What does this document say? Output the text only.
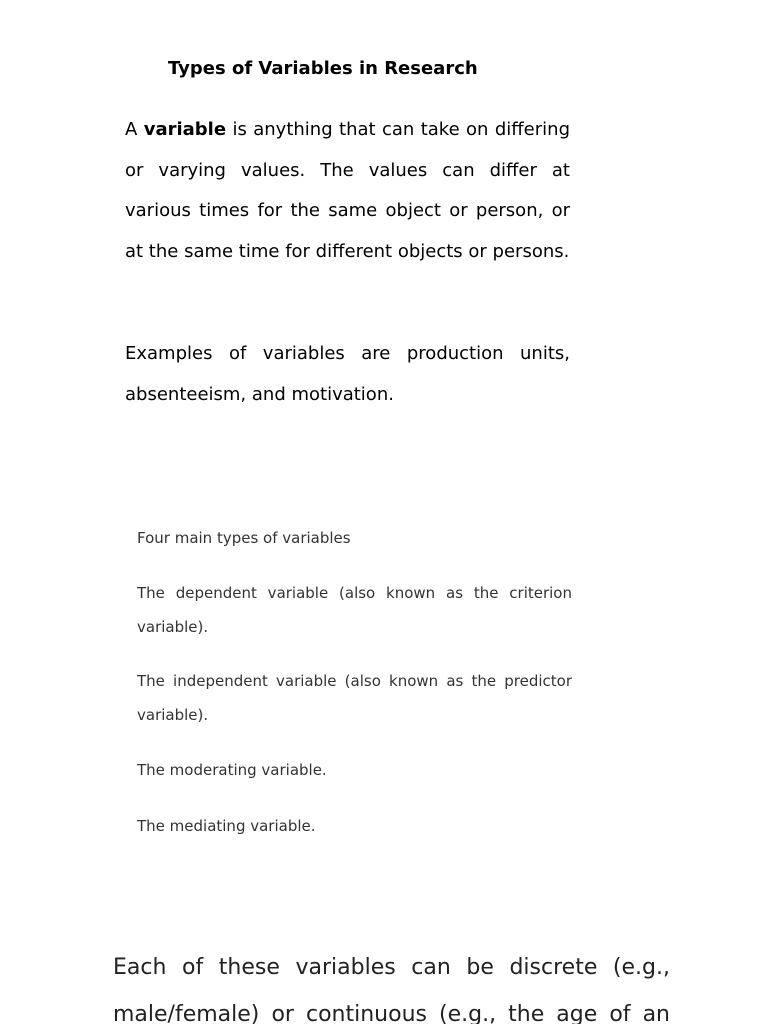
Types of Variables in Research

A variable is anything that can take on differing or varying values. The values can differ at various times for the same object or person, or at the same time for different objects or persons.

Examples of variables are production units, absenteeism, and motivation.

Four main types of variables

The dependent variable (also known as the criterion variable).

The independent variable (also known as the predictor variable).

The moderating variable.

The mediating variable.

Each of these variables can be discrete (e.g., male/female) or continuous (e.g., the age of an
